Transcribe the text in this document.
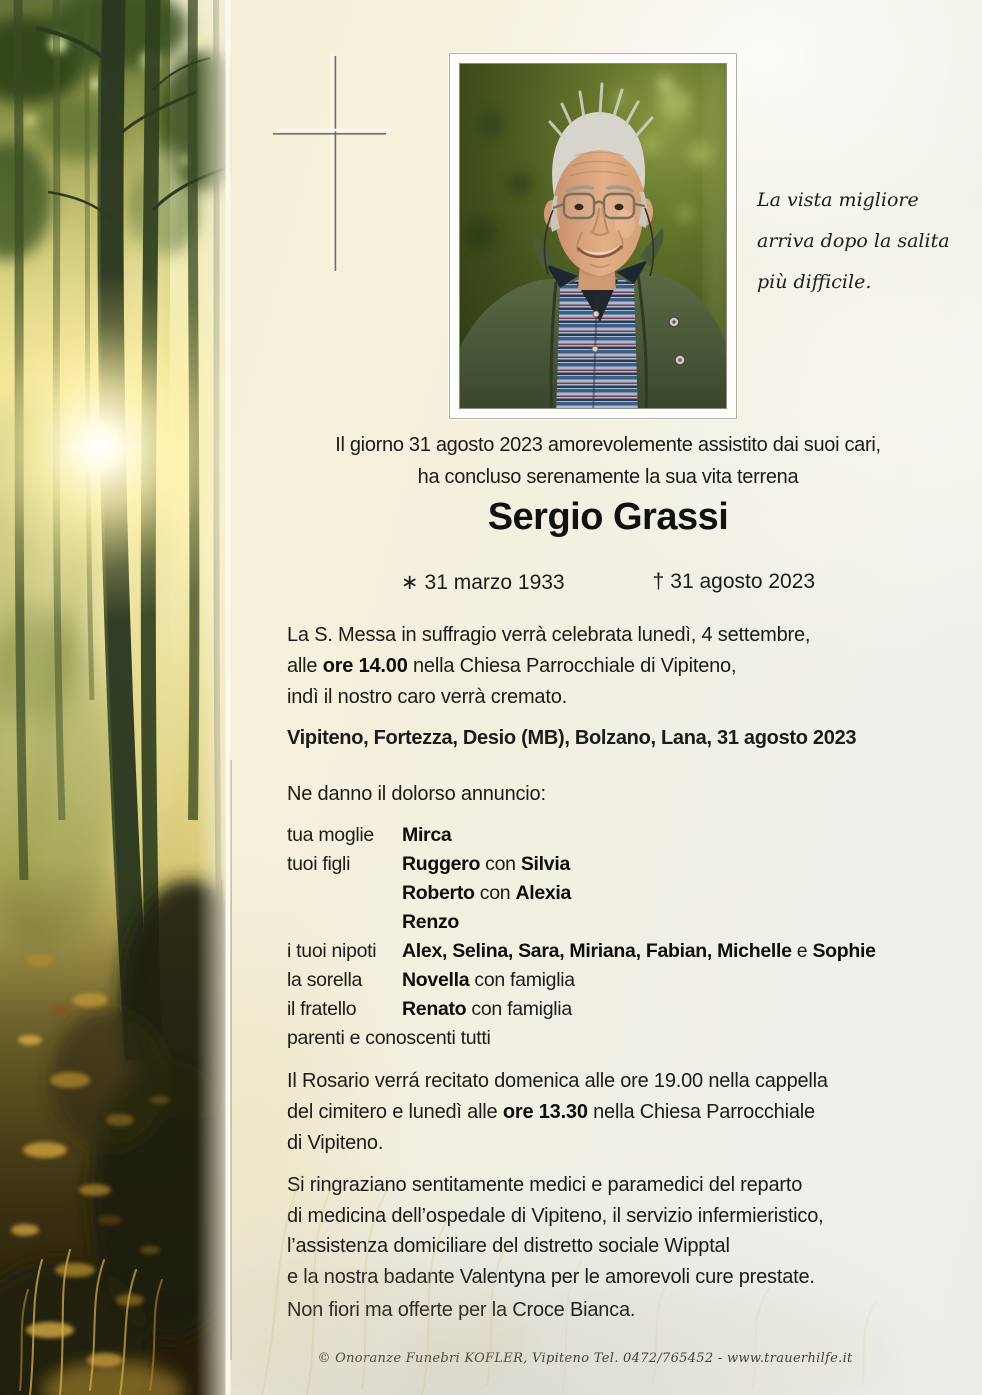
La vista migliore
arriva dopo la salita
più difficile.
Il giorno 31 agosto 2023 amorevolemente assistito dai suoi cari,
ha concluso serenamente la sua vita terrena
Sergio Grassi
∗ 31 marzo 1933	† 31 agosto 2023

La S. Messa in suffragio verrà celebrata lunedì, 4 settembre,
alle ore 14.00 nella Chiesa Parrocchiale di Vipiteno,
indì il nostro caro verrà cremato.

Vipiteno, Fortezza, Desio (MB), Bolzano, Lana, 31 agosto 2023

Ne danno il dolorso annuncio:

tua moglie	Mirca
tuoi figli	Ruggero con Silvia
Roberto con Alexia
Renzo
i tuoi nipoti	Alex, Selina, Sara, Miriana, Fabian, Michelle e Sophie
la sorella	Novella con famiglia
il fratello	Renato con famiglia
parenti e conoscenti tutti

Il Rosario verrá recitato domenica alle ore 19.00 nella cappella
del cimitero e lunedì alle ore 13.30 nella Chiesa Parrocchiale
di Vipiteno.

Si ringraziano sentitamente medici e paramedici del reparto
di medicina dell’ospedale di Vipiteno, il servizio infermieristico,
l’assistenza domiciliare del distretto sociale Wipptal
e la nostra badante Valentyna per le amorevoli cure prestate.

Non fiori ma offerte per la Croce Bianca.

© Onoranze Funebri KOFLER, Vipiteno Tel. 0472/765452 - www.trauerhilfe.it
